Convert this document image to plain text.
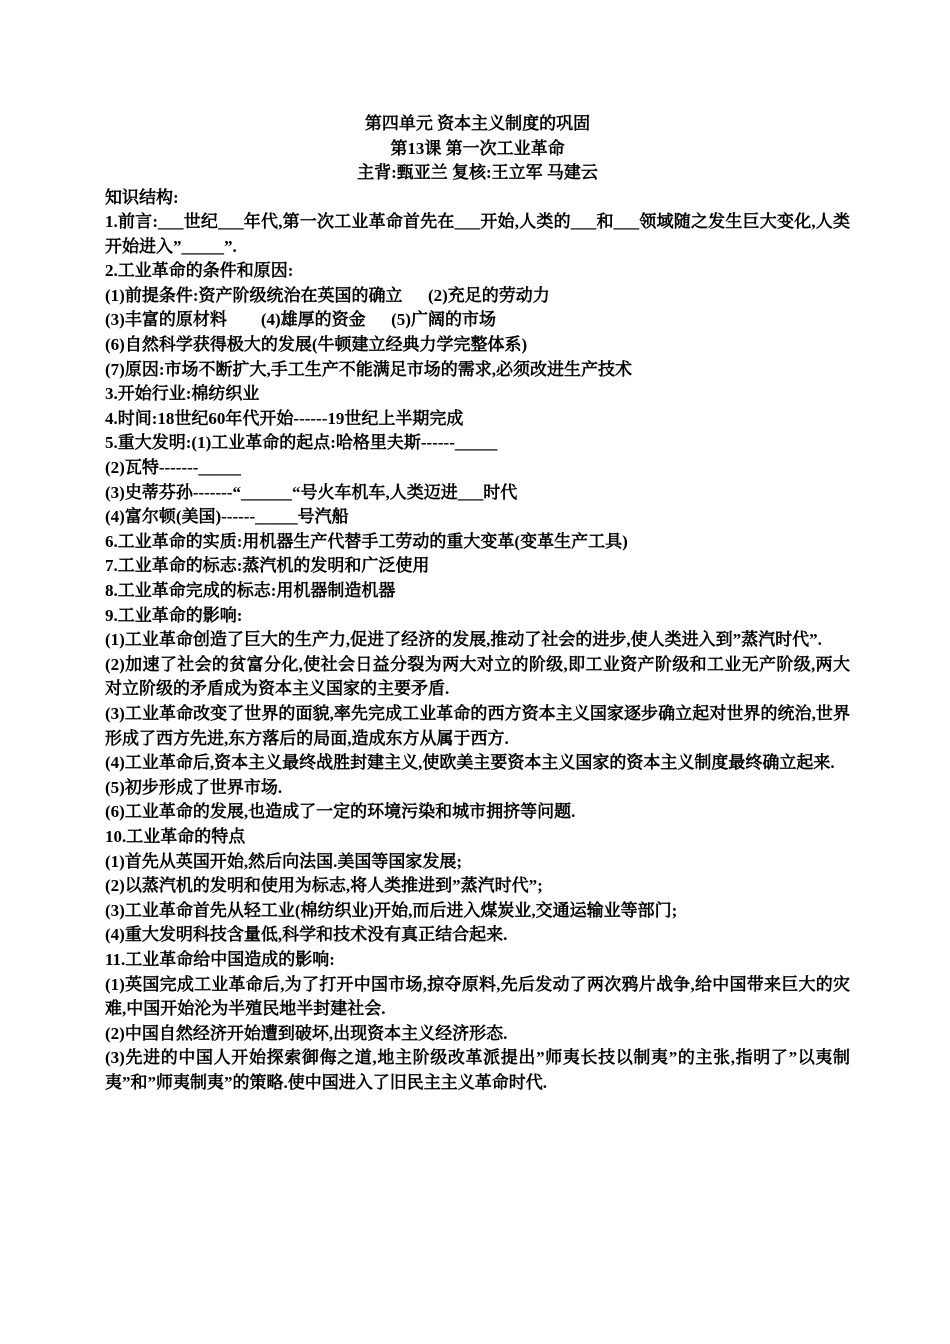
第四单元 资本主义制度的巩固
第13课 第一次工业革命
主背:甄亚兰 复核:王立军 马建云
知识结构:
1.前言:___世纪___年代,第一次工业革命首先在___开始,人类的___和___领域随之发生巨大变化,人类开始进入”_____”.
2.工业革命的条件和原因:
(1)前提条件:资产阶级统治在英国的确立      (2)充足的劳动力
(3)丰富的原材料        (4)雄厚的资金      (5)广阔的市场
(6)自然科学获得极大的发展(牛顿建立经典力学完整体系)
(7)原因:市场不断扩大,手工生产不能满足市场的需求,必须改进生产技术
3.开始行业:棉纺织业
4.时间:18世纪60年代开始------19世纪上半期完成
5.重大发明:(1)工业革命的起点:哈格里夫斯------_____
(2)瓦特-------_____
(3)史蒂芬孙-------“______“号火车机车,人类迈进___时代
(4)富尔顿(美国)------_____号汽船
6.工业革命的实质:用机器生产代替手工劳动的重大变革(变革生产工具)
7.工业革命的标志:蒸汽机的发明和广泛使用
8.工业革命完成的标志:用机器制造机器
9.工业革命的影响:
(1)工业革命创造了巨大的生产力,促进了经济的发展,推动了社会的进步,使人类进入到”蒸汽时代”.
(2)加速了社会的贫富分化,使社会日益分裂为两大对立的阶级,即工业资产阶级和工业无产阶级,两大对立阶级的矛盾成为资本主义国家的主要矛盾.
(3)工业革命改变了世界的面貌,率先完成工业革命的西方资本主义国家逐步确立起对世界的统治,世界形成了西方先进,东方落后的局面,造成东方从属于西方.
(4)工业革命后,资本主义最终战胜封建主义,使欧美主要资本主义国家的资本主义制度最终确立起来.
(5)初步形成了世界市场.
(6)工业革命的发展,也造成了一定的环境污染和城市拥挤等问题.
10.工业革命的特点
(1)首先从英国开始,然后向法国.美国等国家发展;
(2)以蒸汽机的发明和使用为标志,将人类推进到”蒸汽时代”;
(3)工业革命首先从轻工业(棉纺织业)开始,而后进入煤炭业,交通运输业等部门;
(4)重大发明科技含量低,科学和技术没有真正结合起来.
11.工业革命给中国造成的影响:
(1)英国完成工业革命后,为了打开中国市场,掠夺原料,先后发动了两次鸦片战争,给中国带来巨大的灾难,中国开始沦为半殖民地半封建社会.
(2)中国自然经济开始遭到破坏,出现资本主义经济形态.
(3)先进的中国人开始探索御侮之道,地主阶级改革派提出”师夷长技以制夷”的主张,指明了”以夷制夷”和”师夷制夷”的策略.使中国进入了旧民主主义革命时代.
